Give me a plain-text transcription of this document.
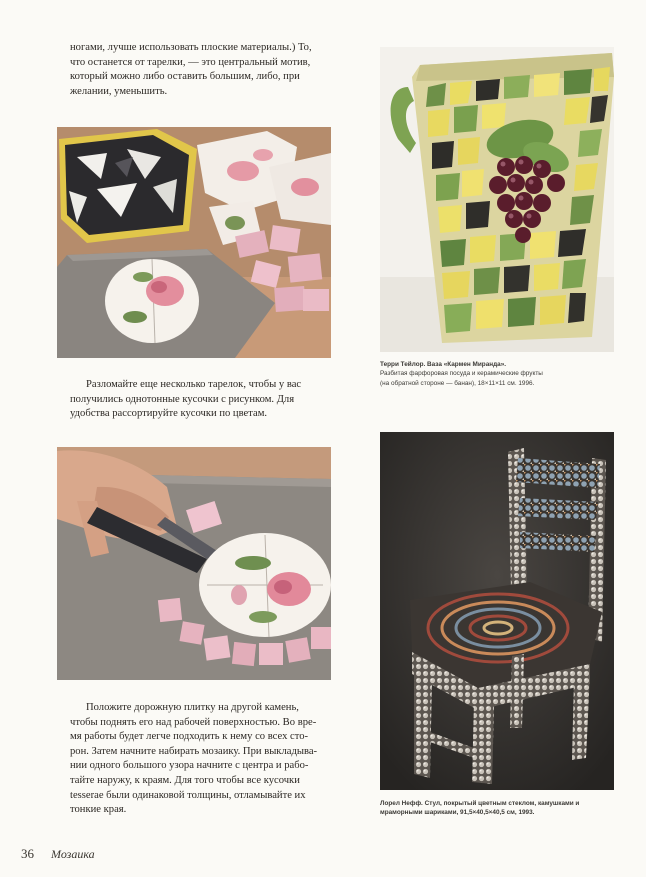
ногами, лучше использовать плоские материалы.) То,
что останется от тарелки, — это центральный мотив,
который можно либо оставить большим, либо, при
желании, уменьшить.

Разломайте еще несколько тарелок, чтобы у вас
получились однотонные кусочки с рисунком. Для
удобства рассортируйте кусочки по цветам.

Положите дорожную плитку на другой камень,
чтобы поднять его над рабочей поверхностью. Во вре-
мя работы будет легче подходить к нему со всех сто-
рон. Затем начните набирать мозаику. При выкладыва-
нии одного большого узора начните с центра и рабо-
тайте наружу, к краям. Для того чтобы все кусочки
tesserae были одинаковой толщины, отламывайте их
тонкие края.

Терри Тейлор. Ваза «Кармен Миранда».
Разбитая фарфоровая посуда и керамические фрукты
(на обратной стороне — банан), 18×11×11 см. 1996.

Лорел Нефф. Стул, покрытый цветным стеклом, камушками и
мраморными шариками, 91,5×40,5×40,5 см, 1993.

36 Мозаика
